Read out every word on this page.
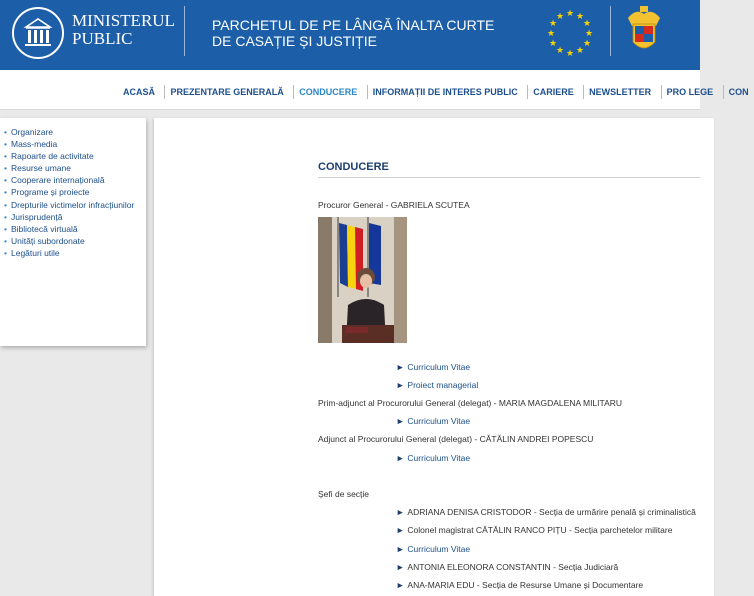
MINISTERUL
PUBLIC
PARCHETUL DE PE LÂNGĂ ÎNALTA CURTE
DE CASAȚIE ȘI JUSTIȚIE
★ ★
★
★
★
★
★
★
★
★
★
★
ACASĂ PREZENTARE GENERALĂ CONDUCERE INFORMAȚII DE INTERES PUBLIC CARIERE NEWSLETTER PRO LEGE CON
• Organizare
• Mass-media
• Rapoarte de activitate
• Resurse umane
• Cooperare internațională
• Programe și proiecte
• Drepturile victimelor infracțiunilor
• Jurisprudență
• Bibliotecă virtuală
• Unități subordonate
• Legături utile
CONDUCERE
Procuror General - GABRIELA SCUTEA
► Curriculum Vitae
► Proiect managerial
Prim-adjunct al Procurorului General (delegat) - MARIA MAGDALENA MILITARU
► Curriculum Vitae
Adjunct al Procurorului General (delegat) - CĂTĂLIN ANDREI POPESCU
► Curriculum Vitae
Șefi de secție
► ADRIANA DENISA CRISTODOR - Secția de urmărire penală și criminalistică
► Colonel magistrat CĂTĂLIN RANCO PIȚU - Secția parchetelor militare
► Curriculum Vitae
► ANTONIA ELEONORA CONSTANTIN - Secția Judiciară
► ANA-MARIA EDU - Secția de Resurse Umane și Documentare
